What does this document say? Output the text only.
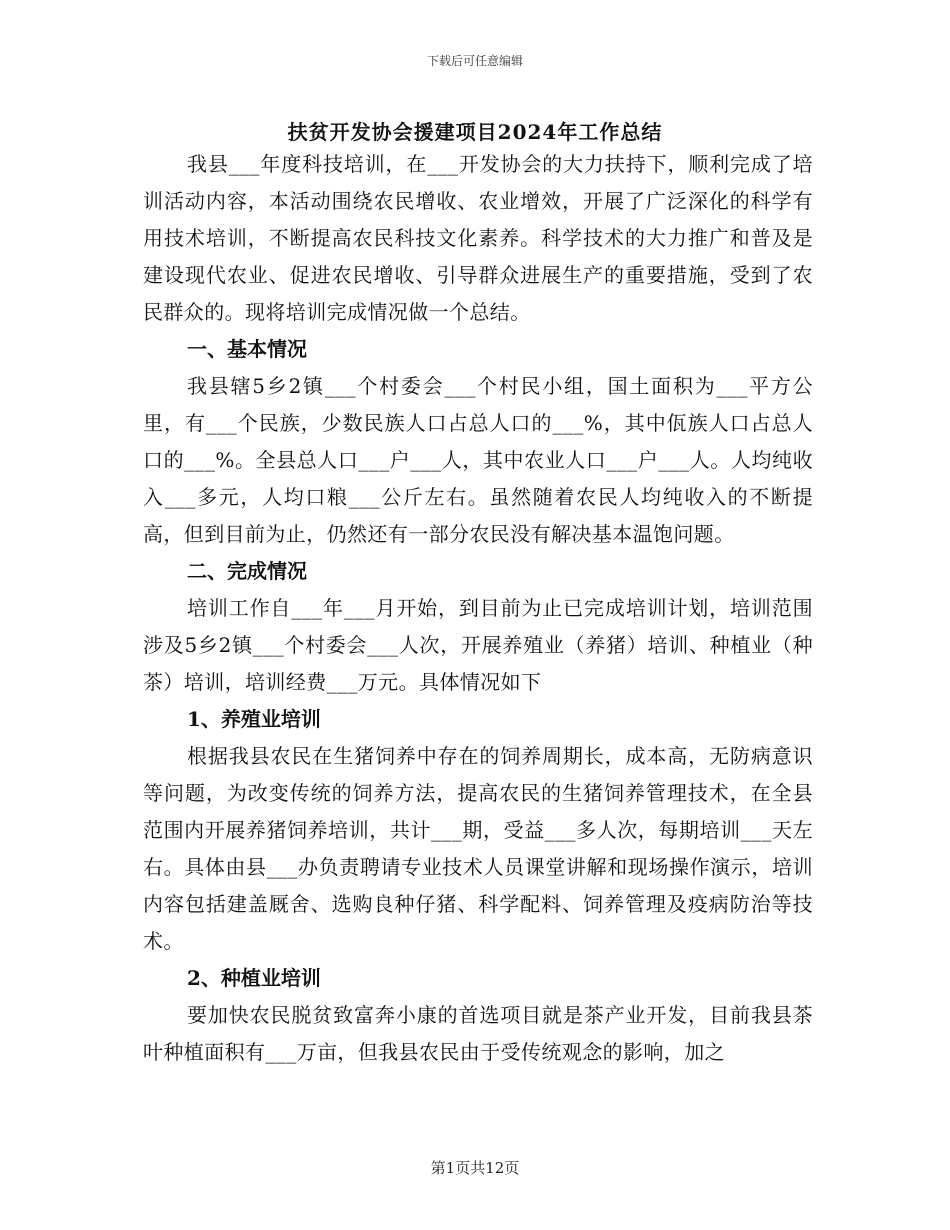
下载后可任意编辑
扶贫开发协会援建项目2024年工作总结

我县___年度科技培训，在___开发协会的大力扶持下，顺利完成了培训活动内容，本活动围绕农民增收、农业增效，开展了广泛深化的科学有用技术培训，不断提高农民科技文化素养。科学技术的大力推广和普及是建设现代农业、促进农民增收、引导群众进展生产的重要措施，受到了农民群众的。现将培训完成情况做一个总结。

一、基本情况

我县辖5乡2镇___个村委会___个村民小组，国土面积为___平方公里，有___个民族，少数民族人口占总人口的___%，其中佤族人口占总人口的___%。全县总人口___户___人，其中农业人口___户___人。人均纯收入___多元，人均口粮___公斤左右。虽然随着农民人均纯收入的不断提高，但到目前为止，仍然还有一部分农民没有解决基本温饱问题。

二、完成情况

培训工作自___年___月开始，到目前为止已完成培训计划，培训范围涉及5乡2镇___个村委会___人次，开展养殖业（养猪）培训、种植业（种茶）培训，培训经费___万元。具体情况如下

1、养殖业培训

根据我县农民在生猪饲养中存在的饲养周期长，成本高，无防病意识等问题，为改变传统的饲养方法，提高农民的生猪饲养管理技术，在全县范围内开展养猪饲养培训，共计___期，受益___多人次，每期培训___天左右。具体由县___办负责聘请专业技术人员课堂讲解和现场操作演示，培训内容包括建盖厩舍、选购良种仔猪、科学配料、饲养管理及疫病防治等技术。

2、种植业培训

要加快农民脱贫致富奔小康的首选项目就是茶产业开发，目前我县茶叶种植面积有___万亩，但我县农民由于受传统观念的影响，加之

第1页共12页
